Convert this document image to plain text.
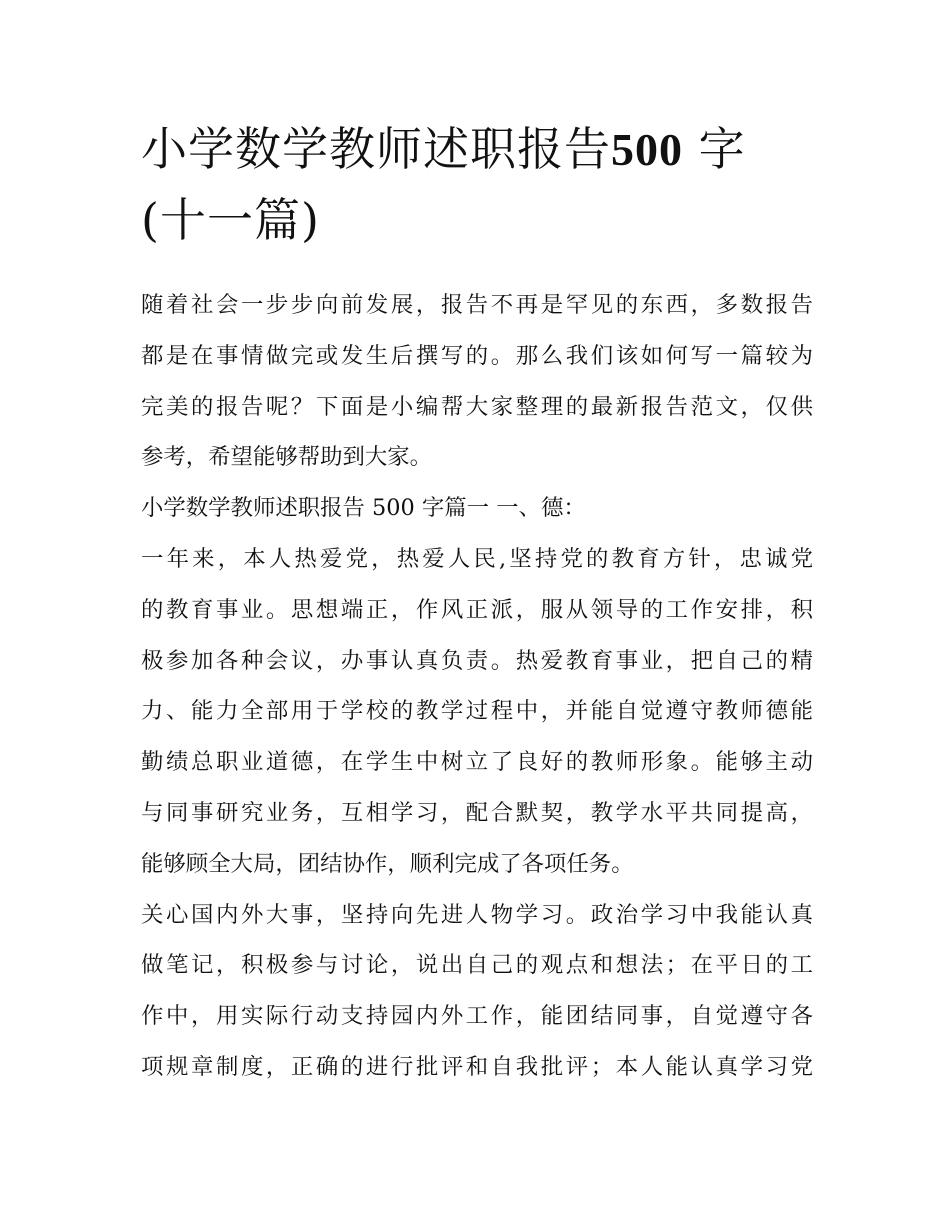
小学数学教师述职报告500 字
(十一篇)

随着社会一步步向前发展，报告不再是罕见的东西，多数报告
都是在事情做完或发生后撰写的。那么我们该如何写一篇较为
完美的报告呢？下面是小编帮大家整理的最新报告范文，仅供
参考，希望能够帮助到大家。

小学数学教师述职报告 500 字篇一 一、德：

一年来，本人热爱党，热爱人民,坚持党的教育方针，忠诚党
的教育事业。思想端正，作风正派，服从领导的工作安排，积
极参加各种会议，办事认真负责。热爱教育事业，把自己的精
力、能力全部用于学校的教学过程中，并能自觉遵守教师德能
勤绩总职业道德，在学生中树立了良好的教师形象。能够主动
与同事研究业务，互相学习，配合默契，教学水平共同提高，
能够顾全大局，团结协作，顺利完成了各项任务。

关心国内外大事，坚持向先进人物学习。政治学习中我能认真
做笔记，积极参与讨论，说出自己的观点和想法；在平日的工
作中，用实际行动支持园内外工作，能团结同事，自觉遵守各
项规章制度，正确的进行批评和自我批评；本人能认真学习党
